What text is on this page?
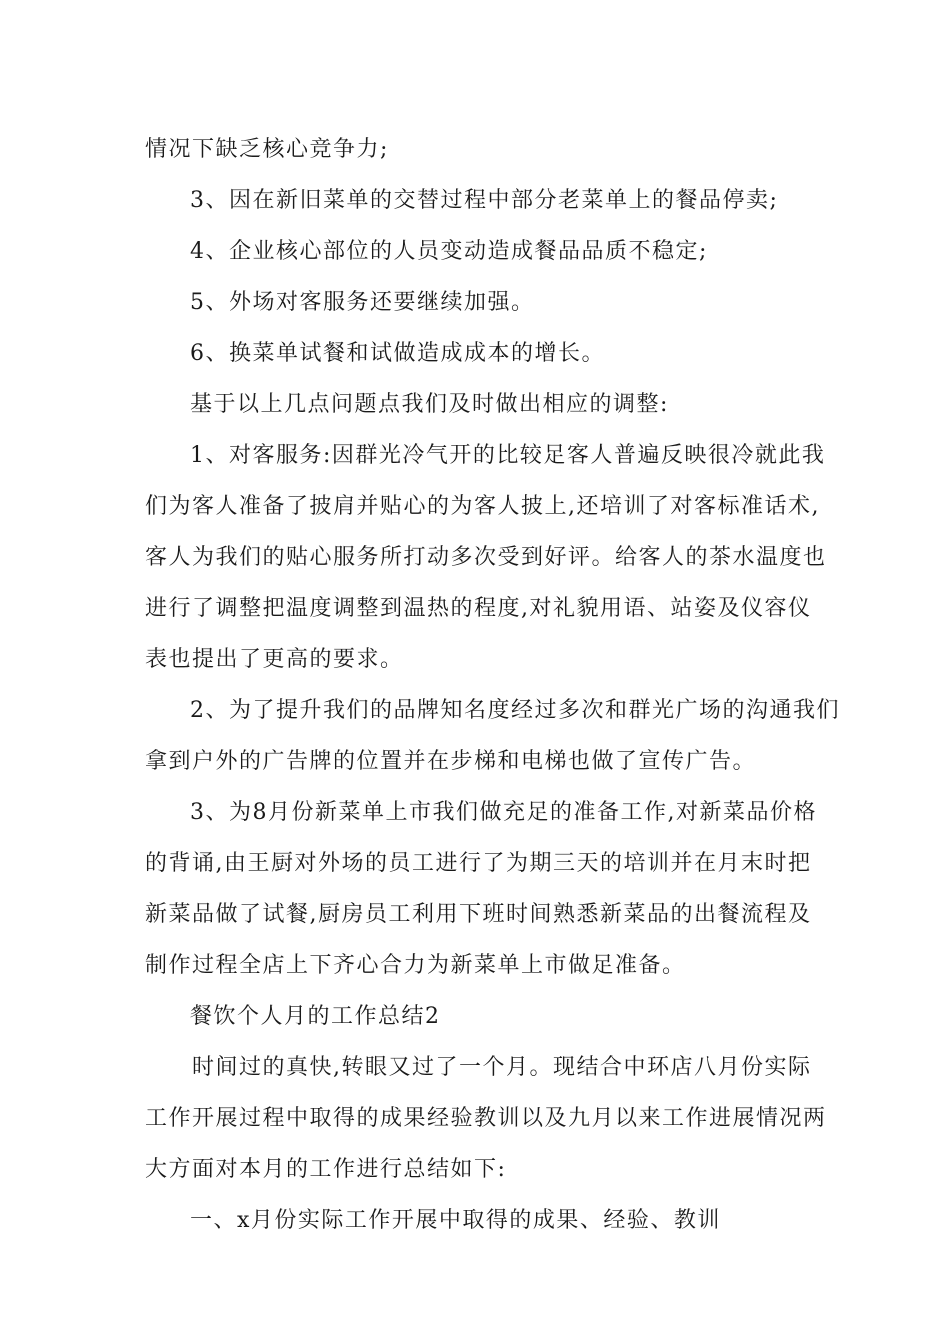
情况下缺乏核心竞争力;
3、因在新旧菜单的交替过程中部分老菜单上的餐品停卖;
4、企业核心部位的人员变动造成餐品品质不稳定;
5、外场对客服务还要继续加强。
6、换菜单试餐和试做造成成本的增长。
基于以上几点问题点我们及时做出相应的调整:
1、对客服务:因群光冷气开的比较足客人普遍反映很冷就此我
们为客人准备了披肩并贴心的为客人披上,还培训了对客标准话术,
客人为我们的贴心服务所打动多次受到好评。给客人的茶水温度也
进行了调整把温度调整到温热的程度,对礼貌用语、站姿及仪容仪
表也提出了更高的要求。
2、为了提升我们的品牌知名度经过多次和群光广场的沟通我们
拿到户外的广告牌的位置并在步梯和电梯也做了宣传广告。
3、为8月份新菜单上市我们做充足的准备工作,对新菜品价格
的背诵,由王厨对外场的员工进行了为期三天的培训并在月末时把
新菜品做了试餐,厨房员工利用下班时间熟悉新菜品的出餐流程及
制作过程全店上下齐心合力为新菜单上市做足准备。
餐饮个人月的工作总结2
时间过的真快,转眼又过了一个月。现结合中环店八月份实际
工作开展过程中取得的成果经验教训以及九月以来工作进展情况两
大方面对本月的工作进行总结如下:
一、x月份实际工作开展中取得的成果、经验、教训
